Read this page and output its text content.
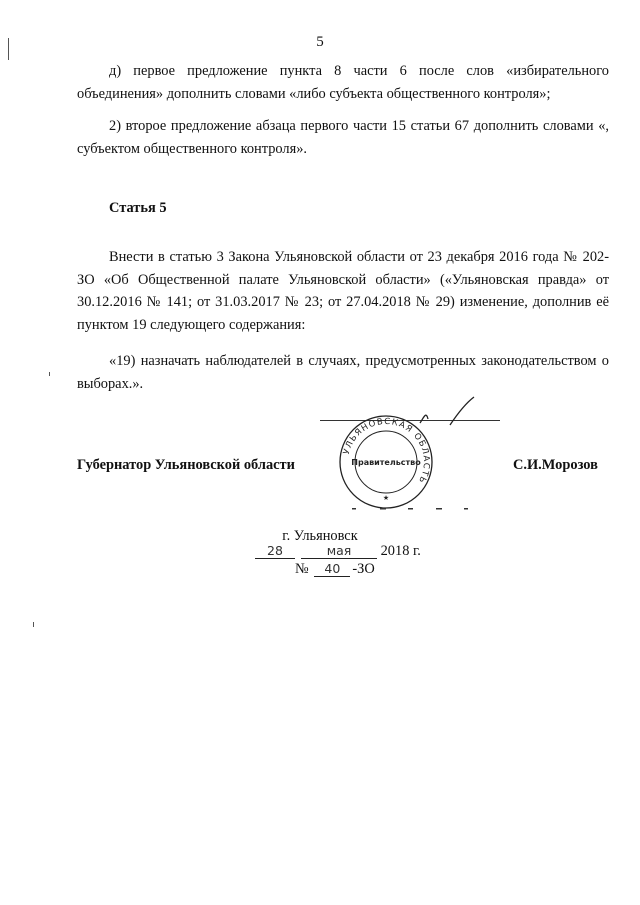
5

д) первое предложение пункта 8 части 6 после слов «избирательного объединения» дополнить словами «либо субъекта общественного контроля»;

2) второе предложение абзаца первого части 15 статьи 67 дополнить словами «, субъектом общественного контроля».

Статья 5

Внести в статью 3 Закона Ульяновской области от 23 декабря 2016 года № 202-ЗО «Об Общественной палате Ульяновской области» («Ульяновская правда» от 30.12.2016 № 141; от 31.03.2017 № 23; от 27.04.2018 № 29) изменение, дополнив её пунктом 19 следующего содержания:

«19) назначать наблюдателей в случаях, предусмотренных законодательством о выборах.».

УЛЬЯНОВСКАЯ ОБЛАСТЬ
Правительство
★
Губернатор Ульяновской области	С.И.Морозов
г. Ульяновск
28	мая 2018 г.
№ 40 -ЗО
